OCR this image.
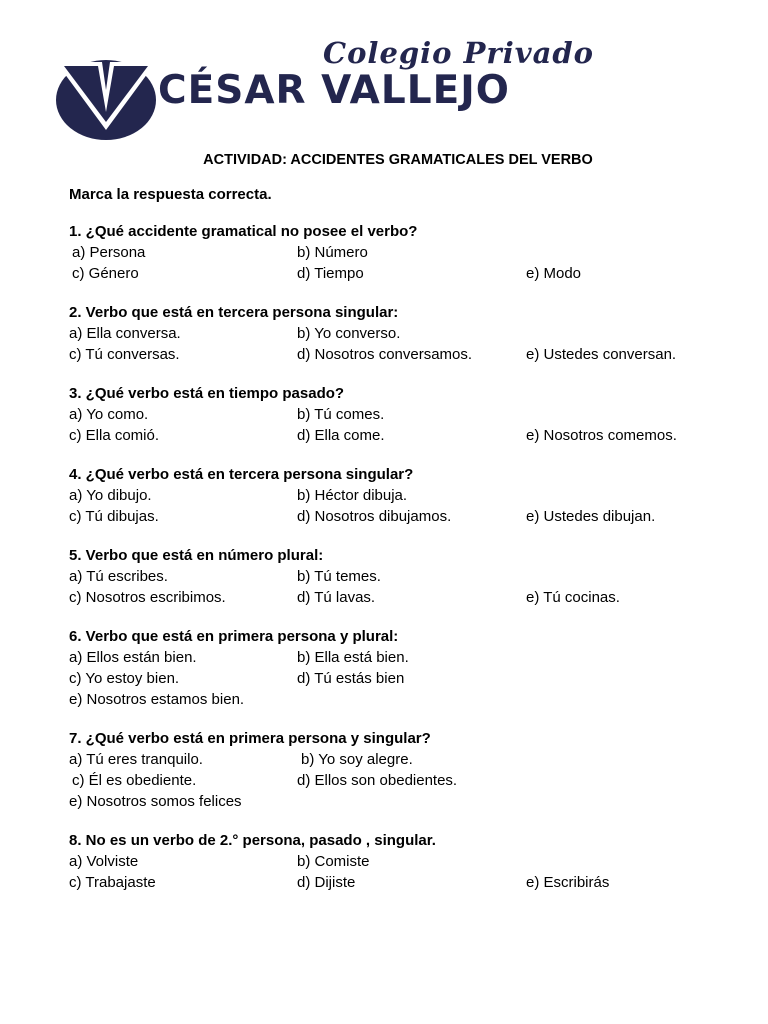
Colegio Privado
CÉSAR VALLEJO
ACTIVIDAD: ACCIDENTES GRAMATICALES DEL VERBO
Marca la respuesta correcta.
1. ¿Qué accidente gramatical no posee el verbo?
a) Persona	b) Número
c) Género	d) Tiempo	e) Modo
2. Verbo que está en tercera persona singular:
a) Ella conversa.	b) Yo converso.
c) Tú conversas.	d) Nosotros conversamos.	e) Ustedes conversan.
3. ¿Qué verbo está en tiempo pasado?
a) Yo como.	b) Tú comes.
c) Ella comió.	d) Ella come.	e) Nosotros comemos.
4. ¿Qué verbo está en tercera persona singular?
a) Yo dibujo.	b) Héctor dibuja.
c) Tú dibujas.	d) Nosotros dibujamos.	e) Ustedes dibujan.
5. Verbo que está en número plural:
a) Tú escribes.	b) Tú temes.
c) Nosotros escribimos.	d) Tú lavas.	e) Tú cocinas.
6. Verbo que está en primera persona y plural:
a) Ellos están bien.	b) Ella está bien.
c) Yo estoy bien.	d) Tú estás bien
e) Nosotros estamos bien.
7. ¿Qué verbo está en primera persona y singular?
a) Tú eres tranquilo.	b) Yo soy alegre.
c) Él es obediente.	d) Ellos son obedientes.
e) Nosotros somos felices
8. No es un verbo de 2.° persona, pasado , singular.
a) Volviste	b) Comiste
c) Trabajaste	d) Dijiste	e) Escribirás
